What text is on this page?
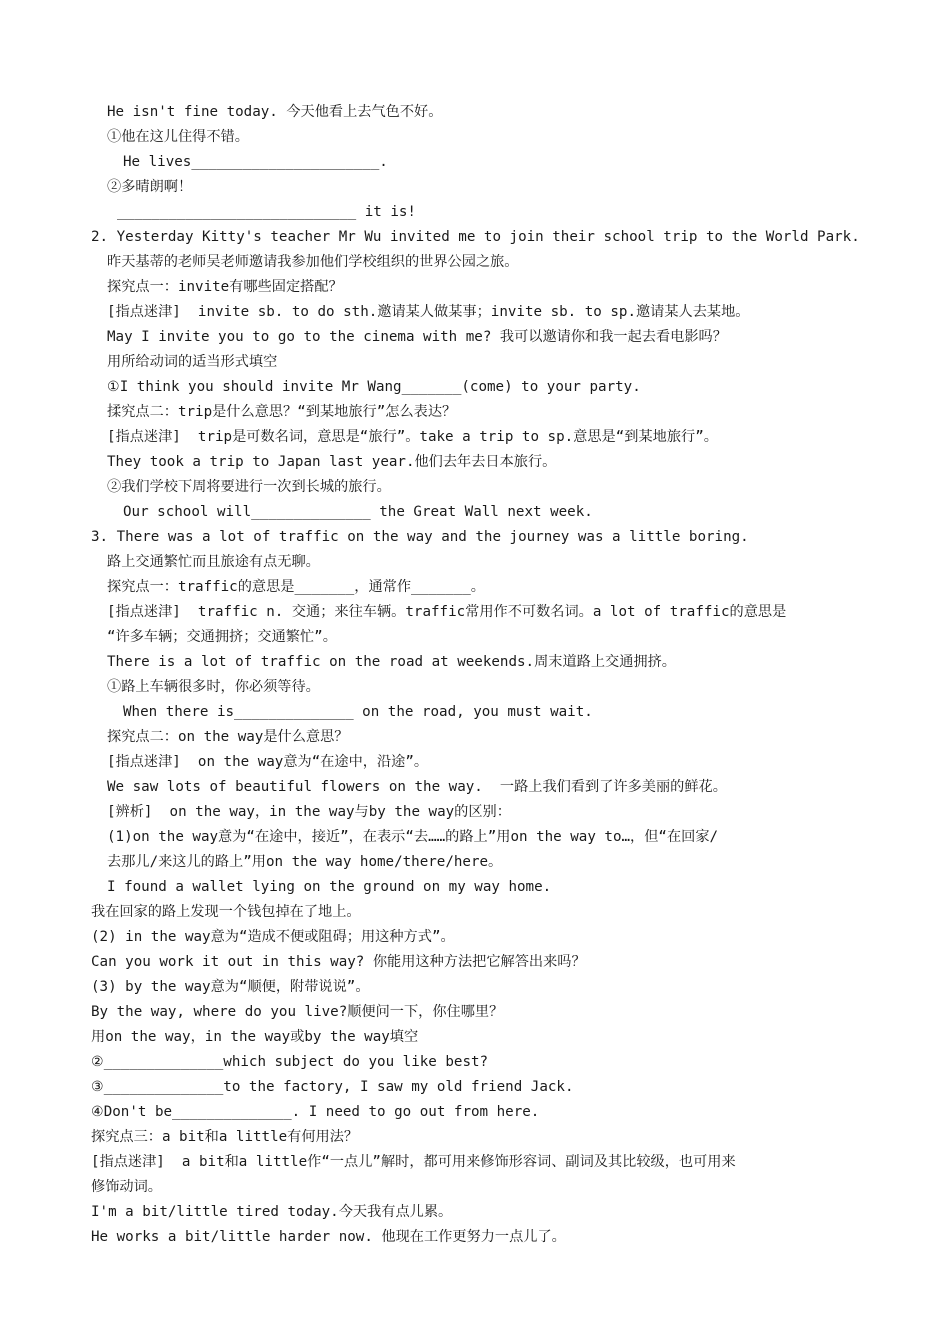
He isn't fine today. 今天他看上去气色不好。
①他在这儿住得不错。
He lives______________________.
②多晴朗啊！
____________________________ it is!
2. Yesterday Kitty's teacher Mr Wu invited me to join their school trip to the World Park.
昨天基蒂的老师吴老师邀请我参加他们学校组织的世界公园之旅。
探究点一：invite有哪些固定搭配？
[指点迷津]  invite sb. to do sth.邀请某人做某事；invite sb. to sp.邀请某人去某地。
May I invite you to go to the cinema with me? 我可以邀请你和我一起去看电影吗？
用所给动词的适当形式填空
①I think you should invite Mr Wang_______(come) to your party.
揉究点二：trip是什么意思？“到某地旅行”怎么表达？
[指点迷津]  trip是可数名词，意思是“旅行”。take a trip to sp.意思是“到某地旅行”。
They took a trip to Japan last year.他们去年去日本旅行。
②我们学校下周将要进行一次到长城的旅行。
Our school will______________ the Great Wall next week.
3. There was a lot of traffic on the way and the journey was a little boring.
路上交通繁忙而且旅途有点无聊。
探究点一：traffic的意思是_______，通常作_______。
[指点迷津]  traffic n. 交通；来往车辆。traffic常用作不可数名词。a lot of traffic的意思是
“许多车辆；交通拥挤；交通繁忙”。
There is a lot of traffic on the road at weekends.周末道路上交通拥挤。
①路上车辆很多时，你必须等待。
When there is______________ on the road, you must wait.
探究点二：on the way是什么意思？
[指点迷津]  on the way意为“在途中，沿途”。
We saw lots of beautiful flowers on the way.  一路上我们看到了许多美丽的鲜花。
[辨析]  on the way，in the way与by the way的区别：
(1)on the way意为“在途中，接近”，在表示“去……的路上”用on the way to…，但“在回家/
去那儿/来这儿的路上”用on the way home/there/here。
I found a wallet lying on the ground on my way home.
我在回家的路上发现一个钱包掉在了地上。
(2) in the way意为“造成不便或阻碍；用这种方式”。
Can you work it out in this way? 你能用这种方法把它解答出来吗？
(3) by the way意为“顺便，附带说说”。
By the way, where do you live?顺便问一下，你住哪里？
用on the way，in the way或by the way填空
②______________which subject do you like best?
③______________to the factory, I saw my old friend Jack.
④Don't be______________. I need to go out from here.
探究点三：a bit和a little有何用法？
[指点迷津]  a bit和a little作“一点儿”解时，都可用来修饰形容词、副词及其比较级，也可用来
修饰动词。
I'm a bit/little tired today.今天我有点儿累。
He works a bit/little harder now. 他现在工作更努力一点儿了。
